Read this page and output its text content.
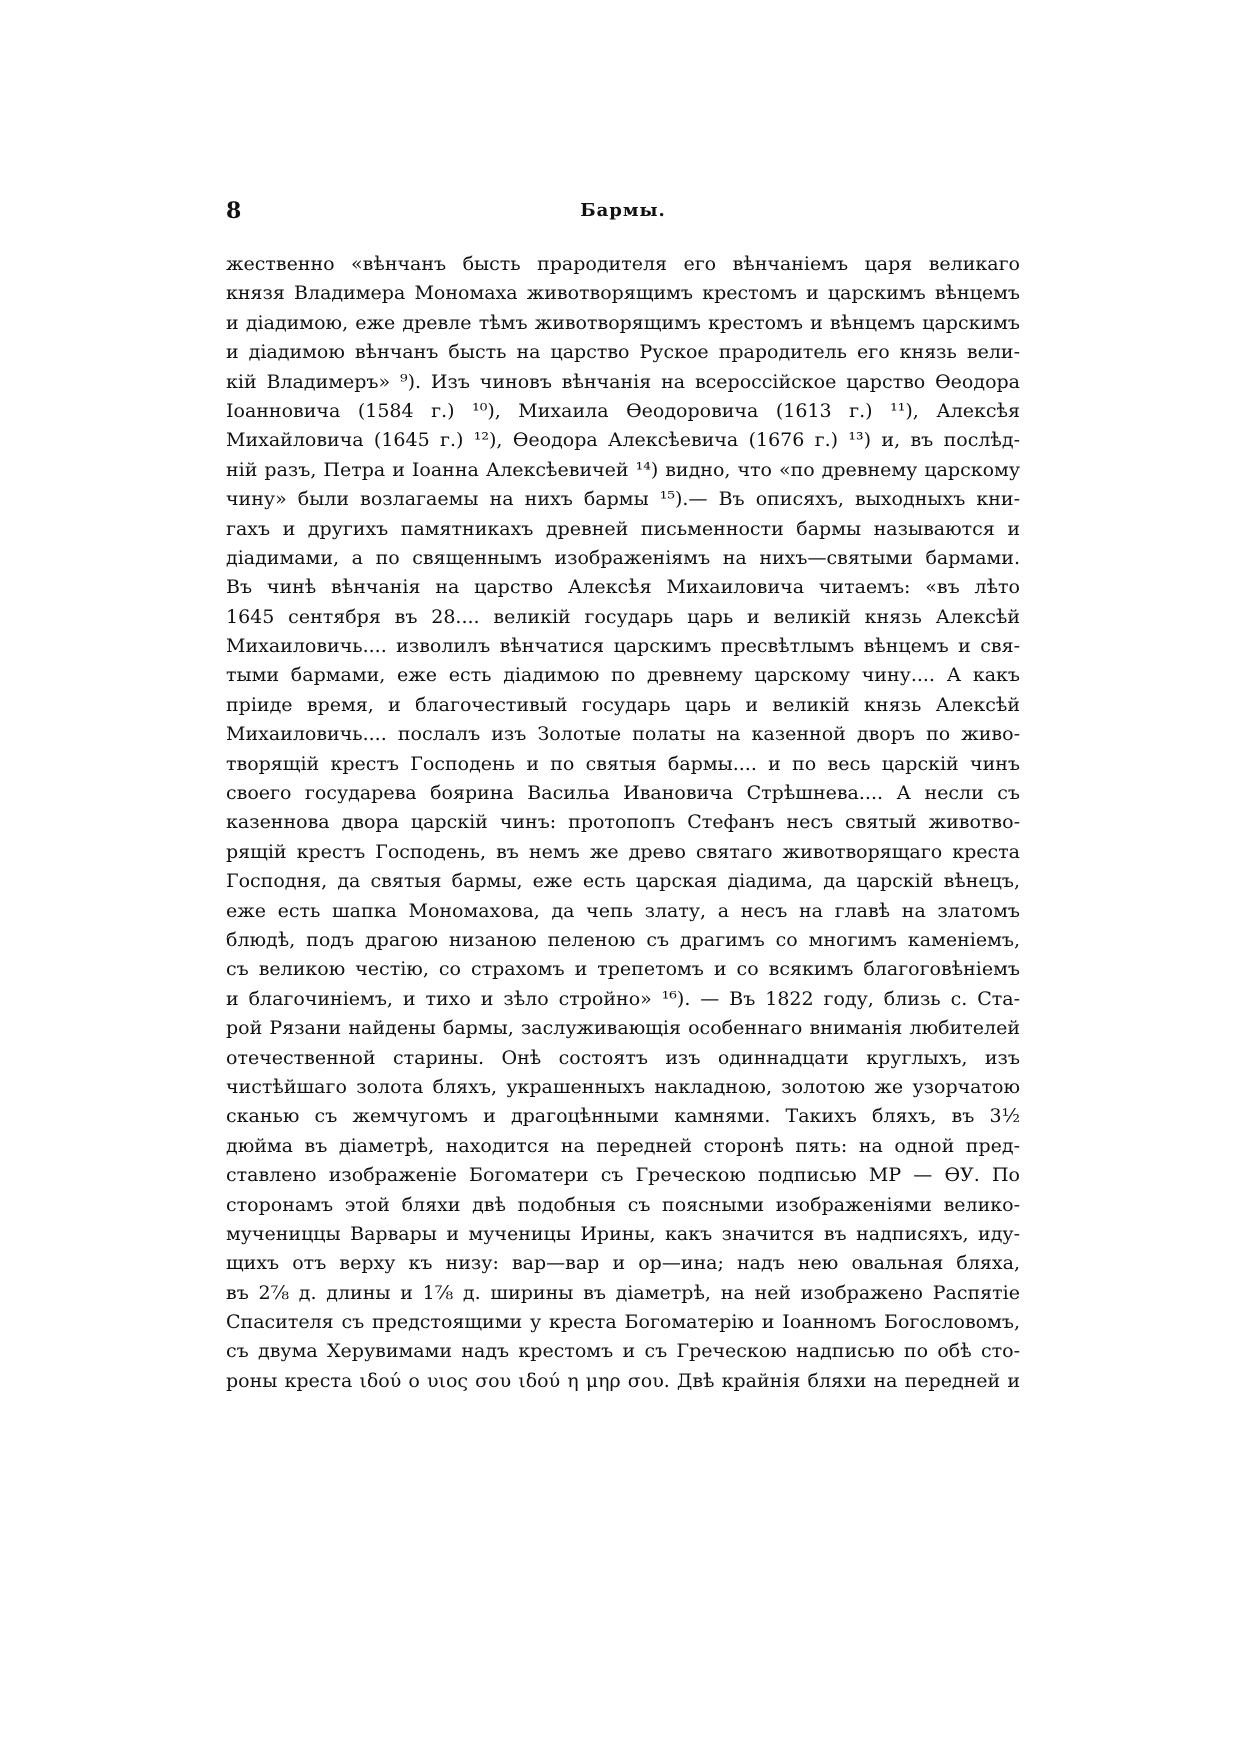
8	Бармы.
жественно «вѣнчанъ бысть прародителя его вѣнчаніемъ царя великаго
князя Владимера Мономаха животворящимъ крестомъ и царскимъ вѣнцемъ
и діадимою, еже древле тѣмъ животворящимъ крестомъ и вѣнцемъ царскимъ
и діадимою вѣнчанъ бысть на царство Руское прародитель его князь вели-
кій Владимеръ» ⁹). Изъ чиновъ вѣнчанія на всероссійское царство Ѳеодора
Іоанновича (1584 г.) ¹⁰), Михаила Ѳеодоровича (1613 г.) ¹¹), Алексѣя
Михайловича (1645 г.) ¹²), Ѳеодора Алексѣевича (1676 г.) ¹³) и, въ послѣд-
ній разъ, Петра и Іоанна Алексѣевичей ¹⁴) видно, что «по древнему царскому
чину» были возлагаемы на нихъ бармы ¹⁵).— Въ описяхъ, выходныхъ кни-
гахъ и другихъ памятникахъ древней письменности бармы называются и
діадимами, а по священнымъ изображеніямъ на нихъ—святыми бармами.
Въ чинѣ вѣнчанія на царство Алексѣя Михаиловича читаемъ: «въ лѣто
1645 сентября въ 28.... великій государь царь и великій князь Алексѣй
Михаиловичь.... изволилъ вѣнчатися царскимъ пресвѣтлымъ вѣнцемъ и свя-
тыми бармами, еже есть діадимою по древнему царскому чину.... А какъ
пріиде время, и благочестивый государь царь и великій князь Алексѣй
Михаиловичь.... послалъ изъ Золотые полаты на казенной дворъ по живо-
творящій крестъ Господень и по святыя бармы.... и по весь царскій чинъ
своего государева боярина Васильа Ивановича Стрѣшнева.... А несли съ
казеннова двора царскій чинъ: протопопъ Стефанъ несъ святый животво-
рящій крестъ Господень, въ немъ же древо святаго животворящаго креста
Господня, да святыя бармы, еже есть царская діадима, да царскій вѣнецъ,
еже есть шапка Мономахова, да чепь злату, а несъ на главѣ на златомъ
блюдѣ, подъ драгою низаною пеленою съ драгимъ со многимъ каменіемъ,
съ великою честію, со страхомъ и трепетомъ и со всякимъ благоговѣніемъ
и благочиніемъ, и тихо и зѣло стройно» ¹⁶). — Въ 1822 году, близь с. Ста-
рой Рязани найдены бармы, заслуживающія особеннаго вниманія любителей
отечественной старины. Онѣ состоятъ изъ одиннадцати круглыхъ, изъ
чистѣйшаго золота бляхъ, украшенныхъ накладною, золотою же узорчатою
сканью съ жемчугомъ и драгоцѣнными камнями. Такихъ бляхъ, въ 3½
дюйма въ діаметрѣ, находится на передней сторонѣ пять: на одной пред-
ставлено изображеніе Богоматери съ Греческою подписью МР — ѲУ. По
сторонамъ этой бляхи двѣ подобныя съ поясными изображеніями велико-
мучениццы Варвары и мученицы Ирины, какъ значится въ надписяхъ, иду-
щихъ отъ верху къ низу: вар—вар и ор—ина; надъ нею овальная бляха,
въ 2⅞ д. длины и 1⅞ д. ширины въ діаметрѣ, на ней изображено Распятіе
Спасителя съ предстоящими у креста Богоматерію и Іоанномъ Богословомъ,
съ двума Херувимами надъ крестомъ и съ Греческою надписью по обѣ сто-
роны креста ιδού ο υιος σου ιδού η μηρ σου. Двѣ крайнія бляхи на передней и
